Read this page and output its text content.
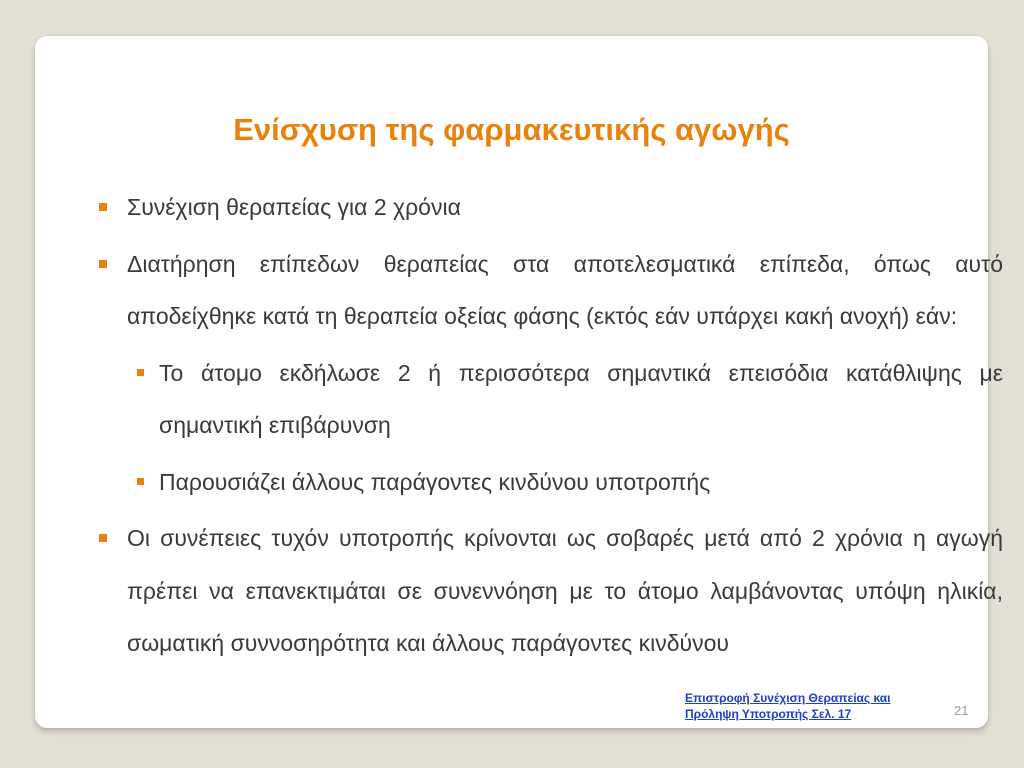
Ενίσχυση της φαρμακευτικής αγωγής
Συνέχιση θεραπείας για 2 χρόνια
Διατήρηση επίπεδων θεραπείας στα αποτελεσματικά επίπεδα, όπως αυτό αποδείχθηκε κατά τη θεραπεία οξείας φάσης (εκτός εάν υπάρχει κακή ανοχή) εάν:
Το άτομο εκδήλωσε 2 ή περισσότερα σημαντικά επεισόδια κατάθλιψης με σημαντική επιβάρυνση
Παρουσιάζει άλλους παράγοντες κινδύνου υποτροπής
Οι συνέπειες τυχόν υποτροπής κρίνονται ως σοβαρές μετά από 2 χρόνια η αγωγή πρέπει να επανεκτιμάται σε συνεννόηση με το άτομο λαμβάνοντας υπόψη ηλικία, σωματική συννοσηρότητα και άλλους παράγοντες κινδύνου
Επιστροφή Συνέχιση Θεραπείας και
Πρόληψη Υποτροπής Σελ. 17	21
